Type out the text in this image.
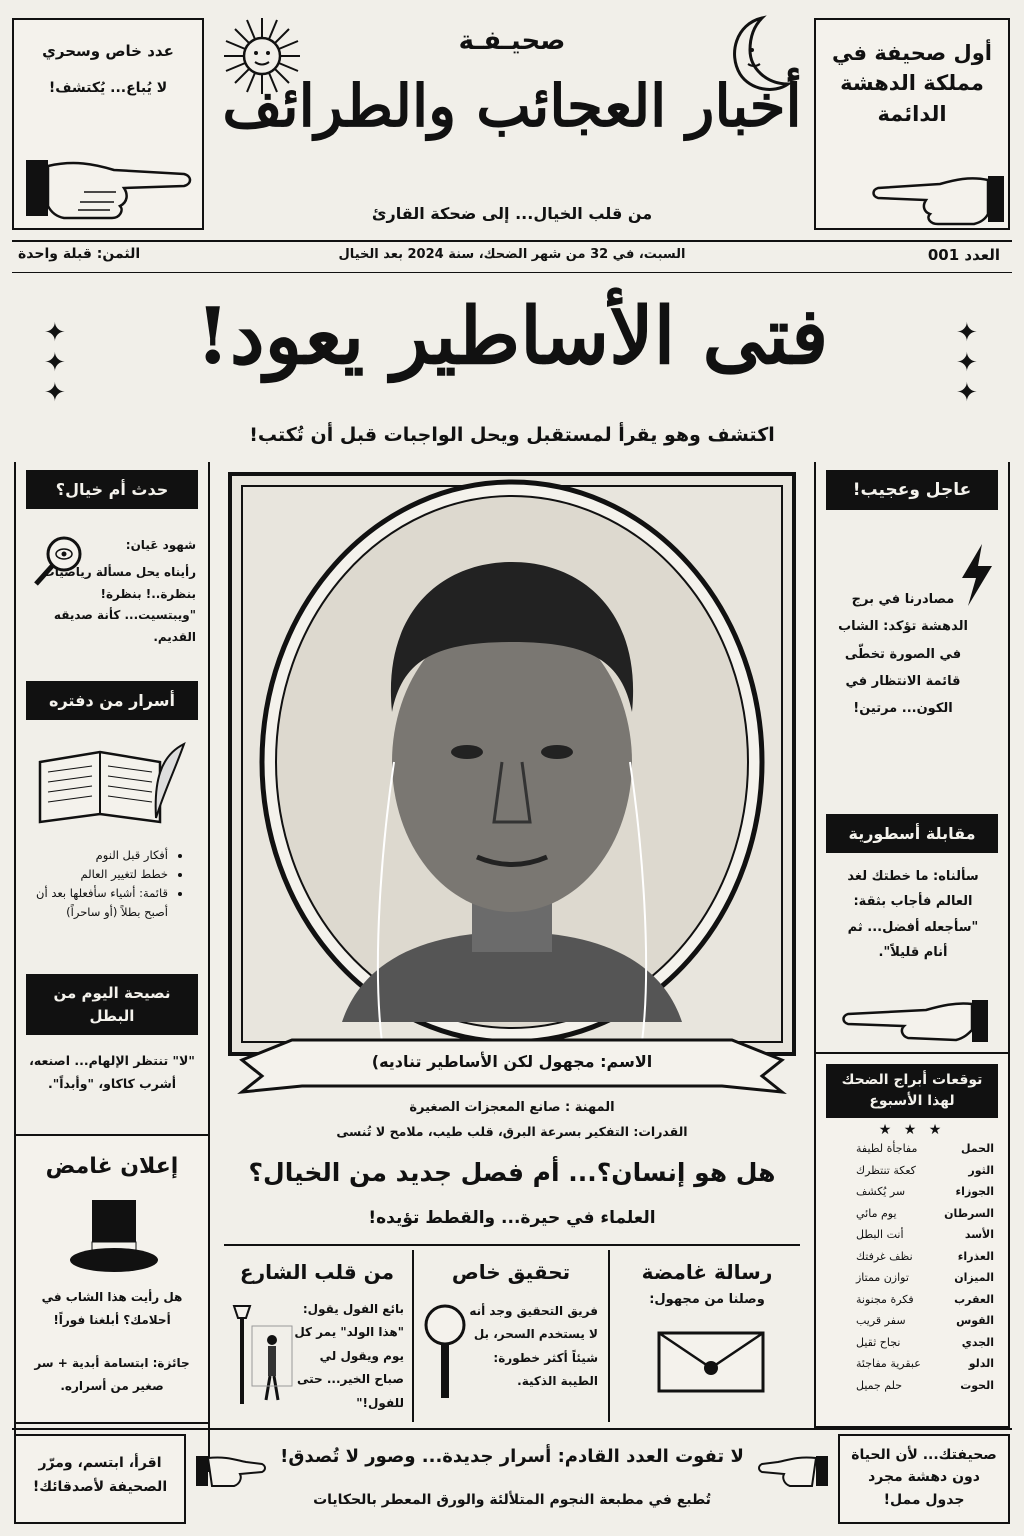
عدد خاص وسحري
لا يُباع... يُكتشف!
صحيـفـة
أخبار العجائب والطرائف
من قلب الخيال... إلى ضحكة القارئ
أول صحيفة في مملكة الدهشة الدائمة
العدد 001
السبت، في 32 من شهر الضحك، سنة 2024 بعد الخيال
الثمن: قبلة واحدة
فتى الأساطير يعود!
✦
✦
✦
✦
✦
✦
اكتشف وهو يقرأ لمستقبل ويحل الواجبات قبل أن تُكتب!
حدث أم خيال؟
شهود عَيان:
رأيناه يحل مسألة رياضيات بنظرة..! بنظرة! "ويبتسيت... كأنة صديقه القديم.
أسرار من دفتره
• أفكار قبل النوم
• خطط لتغيير العالم
• قائمة: أشياء سأفعلها بعد أن أصبح بطلاً (أو ساحراً)
نصيحة اليوم من البطل
"لا" تنتظر الإلهام... اصنعه، أشرب كاكاو، "وأبداً".
إعلان غامض
هل رأيت هذا الشاب في أحلامك؟ أبلغنا فوراً!
جائزة: ابتسامة أبدية + سر صغير من أسراره.
الاسم: مجهول لكن الأساطير تناديه)
المهنة : صانع المعجزات الصغيرة
القدرات: التفكير بسرعة البرق، قلب طيب، ملامح لا تُنسى
عاجل وعجيب!
مصادرنا في برج الدهشة تؤكد: الشاب في الصورة تخطّى قائمة الانتظار في الكون... مرتين!
مقابلة أسطورية
سألناه: ما خطتك لغد العالم فأجاب بثقة: "سأجعله أفضل... ثم أنام قليلاً".
توقعات أبراج الضحك لهذا الأسبوع
★ ★ ★
الحمل
مفاجأة لطيفة
الثور
كعكة تنتظرك
الجوزاء
سر يُكشف
السرطان
يوم مائي
الأسد
أنت البطل
العذراء
نظف غرفتك
الميزان
توازن ممتاز
العقرب
فكرة مجنونة
القوس
سفر قريب
الجدي
نجاح ثقيل
الدلو
عبقرية مفاجئة
الحوت
حلم جميل
هل هو إنسان؟... أم فصل جديد من الخيال؟
العلماء في حيرة... والقطط تؤيده!
رسالة غامضة
وصلنا من مجهول:
تحقيق خاص
فريق التحقيق وجد أنه لا يستخدم السحر، بل شيئاً أكثر خطورة: الطيبة الذكية.
من قلب الشارع
بائع الفول يقول: "هذا الولد" يمر كل يوم ويقول لي صباح الخير... حتى للفول!"
اقرأ، ابتسم، ومرّر الصحيفة لأصدقائك!
لا تفوت العدد القادم: أسرار جديدة... وصور لا تُصدق!
تُطبع في مطبعة النجوم المتلألئة والورق المعطر بالحكايات
صحيفتك... لأن الحياة دون دهشة مجرد جدول ممل!
